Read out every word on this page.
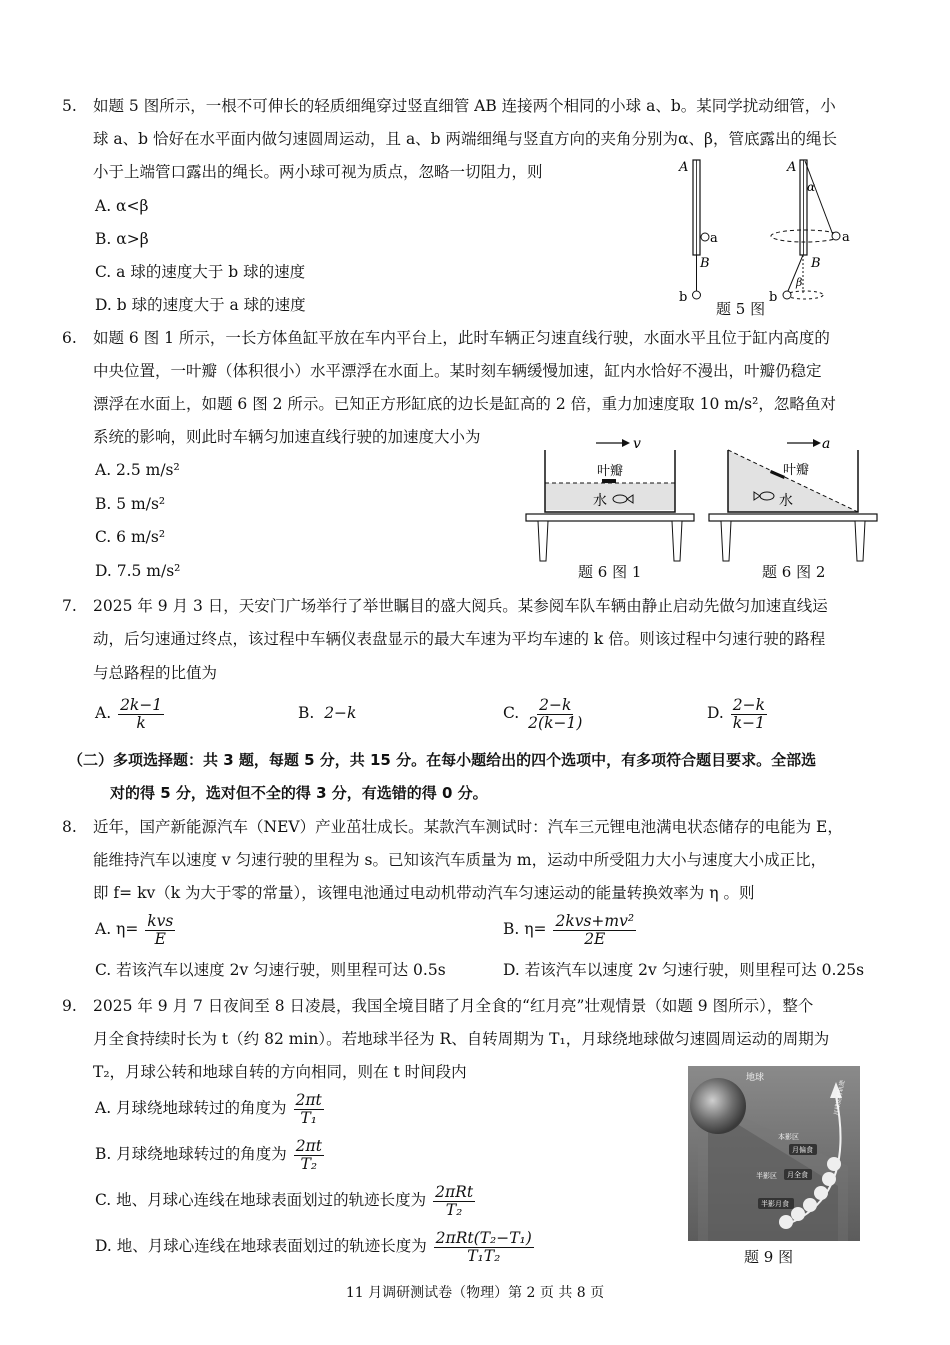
5.	如题 5 图所示，一根不可伸长的轻质细绳穿过竖直细管 AB 连接两个相同的小球 a、b。某同学扰动细管，小
球 a、b 恰好在水平面内做匀速圆周运动，且 a、b 两端细绳与竖直方向的夹角分别为α、β，管底露出的绳长
小于上端管口露出的绳长。两小球可视为质点，忽略一切阻力，则
A. α<β
B. α>β
C. a 球的速度大于 b 球的速度
D. b 球的速度大于 a 球的速度
A
B
a
b
A
B
α
a
β
b
题 5 图
6.	如题 6 图 1 所示，一长方体鱼缸平放在车内平台上，此时车辆正匀速直线行驶，水面水平且位于缸内高度的
中央位置，一叶瓣（体积很小）水平漂浮在水面上。某时刻车辆缓慢加速，缸内水恰好不漫出，叶瓣仍稳定
漂浮在水面上，如题 6 图 2 所示。已知正方形缸底的边长是缸高的 2 倍，重力加速度取 10 m/s²，忽略鱼对
系统的影响，则此时车辆匀加速直线行驶的加速度大小为
A. 2.5 m/s²
B. 5 m/s²
C. 6 m/s²
D. 7.5 m/s²
v
叶瓣
水
题 6 图 1
a
叶瓣
水
题 6 图 2
7.	2025 年 9 月 3 日，天安门广场举行了举世瞩目的盛大阅兵。某参阅车队车辆由静止启动先做匀加速直线运
动，后匀速通过终点，该过程中车辆仪表盘显示的最大车速为平均车速的 k 倍。则该过程中匀速行驶的路程
与总路程的比值为
A. $\frac{2k-1}{k}$	B. 2−k	C. $\frac{2-k}{2(k-1)}$	D. $\frac{2-k}{k-1}$
（二）多项选择题：共 3 题，每题 5 分，共 15 分。在每小题给出的四个选项中，有多项符合题目要求。全部选
对的得 5 分，选对但不全的得 3 分，有选错的得 0 分。
8.	近年，国产新能源汽车（NEV）产业茁壮成长。某款汽车测试时：汽车三元锂电池满电状态储存的电能为 E，
能维持汽车以速度 v 匀速行驶的里程为 s。已知该汽车质量为 m，运动中所受阻力大小与速度大小成正比，
即 f= kv（k 为大于零的常量），该锂电池通过电动机带动汽车匀速运动的能量转换效率为 η 。则
A. $\eta= \frac{\text{kvs}}{E}$	B. $\eta= \frac{\text{2kvs+mv²}}{2E}$
C. 若该汽车以速度 2v 匀速行驶，则里程可达 0.5s	D. 若该汽车以速度 2v 匀速行驶，则里程可达 0.25s
9.	2025 年 9 月 7 日夜间至 8 日凌晨，我国全境目睹了月全食的“红月亮”壮观情景（如题 9 图所示），整个
月全食持续时长为 t（约 82 min）。若地球半径为 R、自转周期为 T₁，月球绕地球做匀速圆周运动的周期为
T₂，月球公转和地球自转的方向相同，则在 t 时间段内
A. 月球绕地球转过的角度为 $\frac{2\pi t}{\text{T₁}}$
B. 月球绕地球转过的角度为 $\frac{2\pi t}{\text{T₂}}$
C. 地、月球心连线在地球表面划过的轨迹长度为 $\frac{\text{2πRt}}{\text{T₂}}$
D. 地、月球心连线在地球表面划过的轨迹长度为 $\frac{\text{2πRt(T₂−T₁)}}{\text{T₁T₂}}$
地球
月球运行轨迹
本影区
半影区
月偏食
月全食
半影月食
题 9 图
11 月调研测试卷（物理）第 2 页 共 8 页
